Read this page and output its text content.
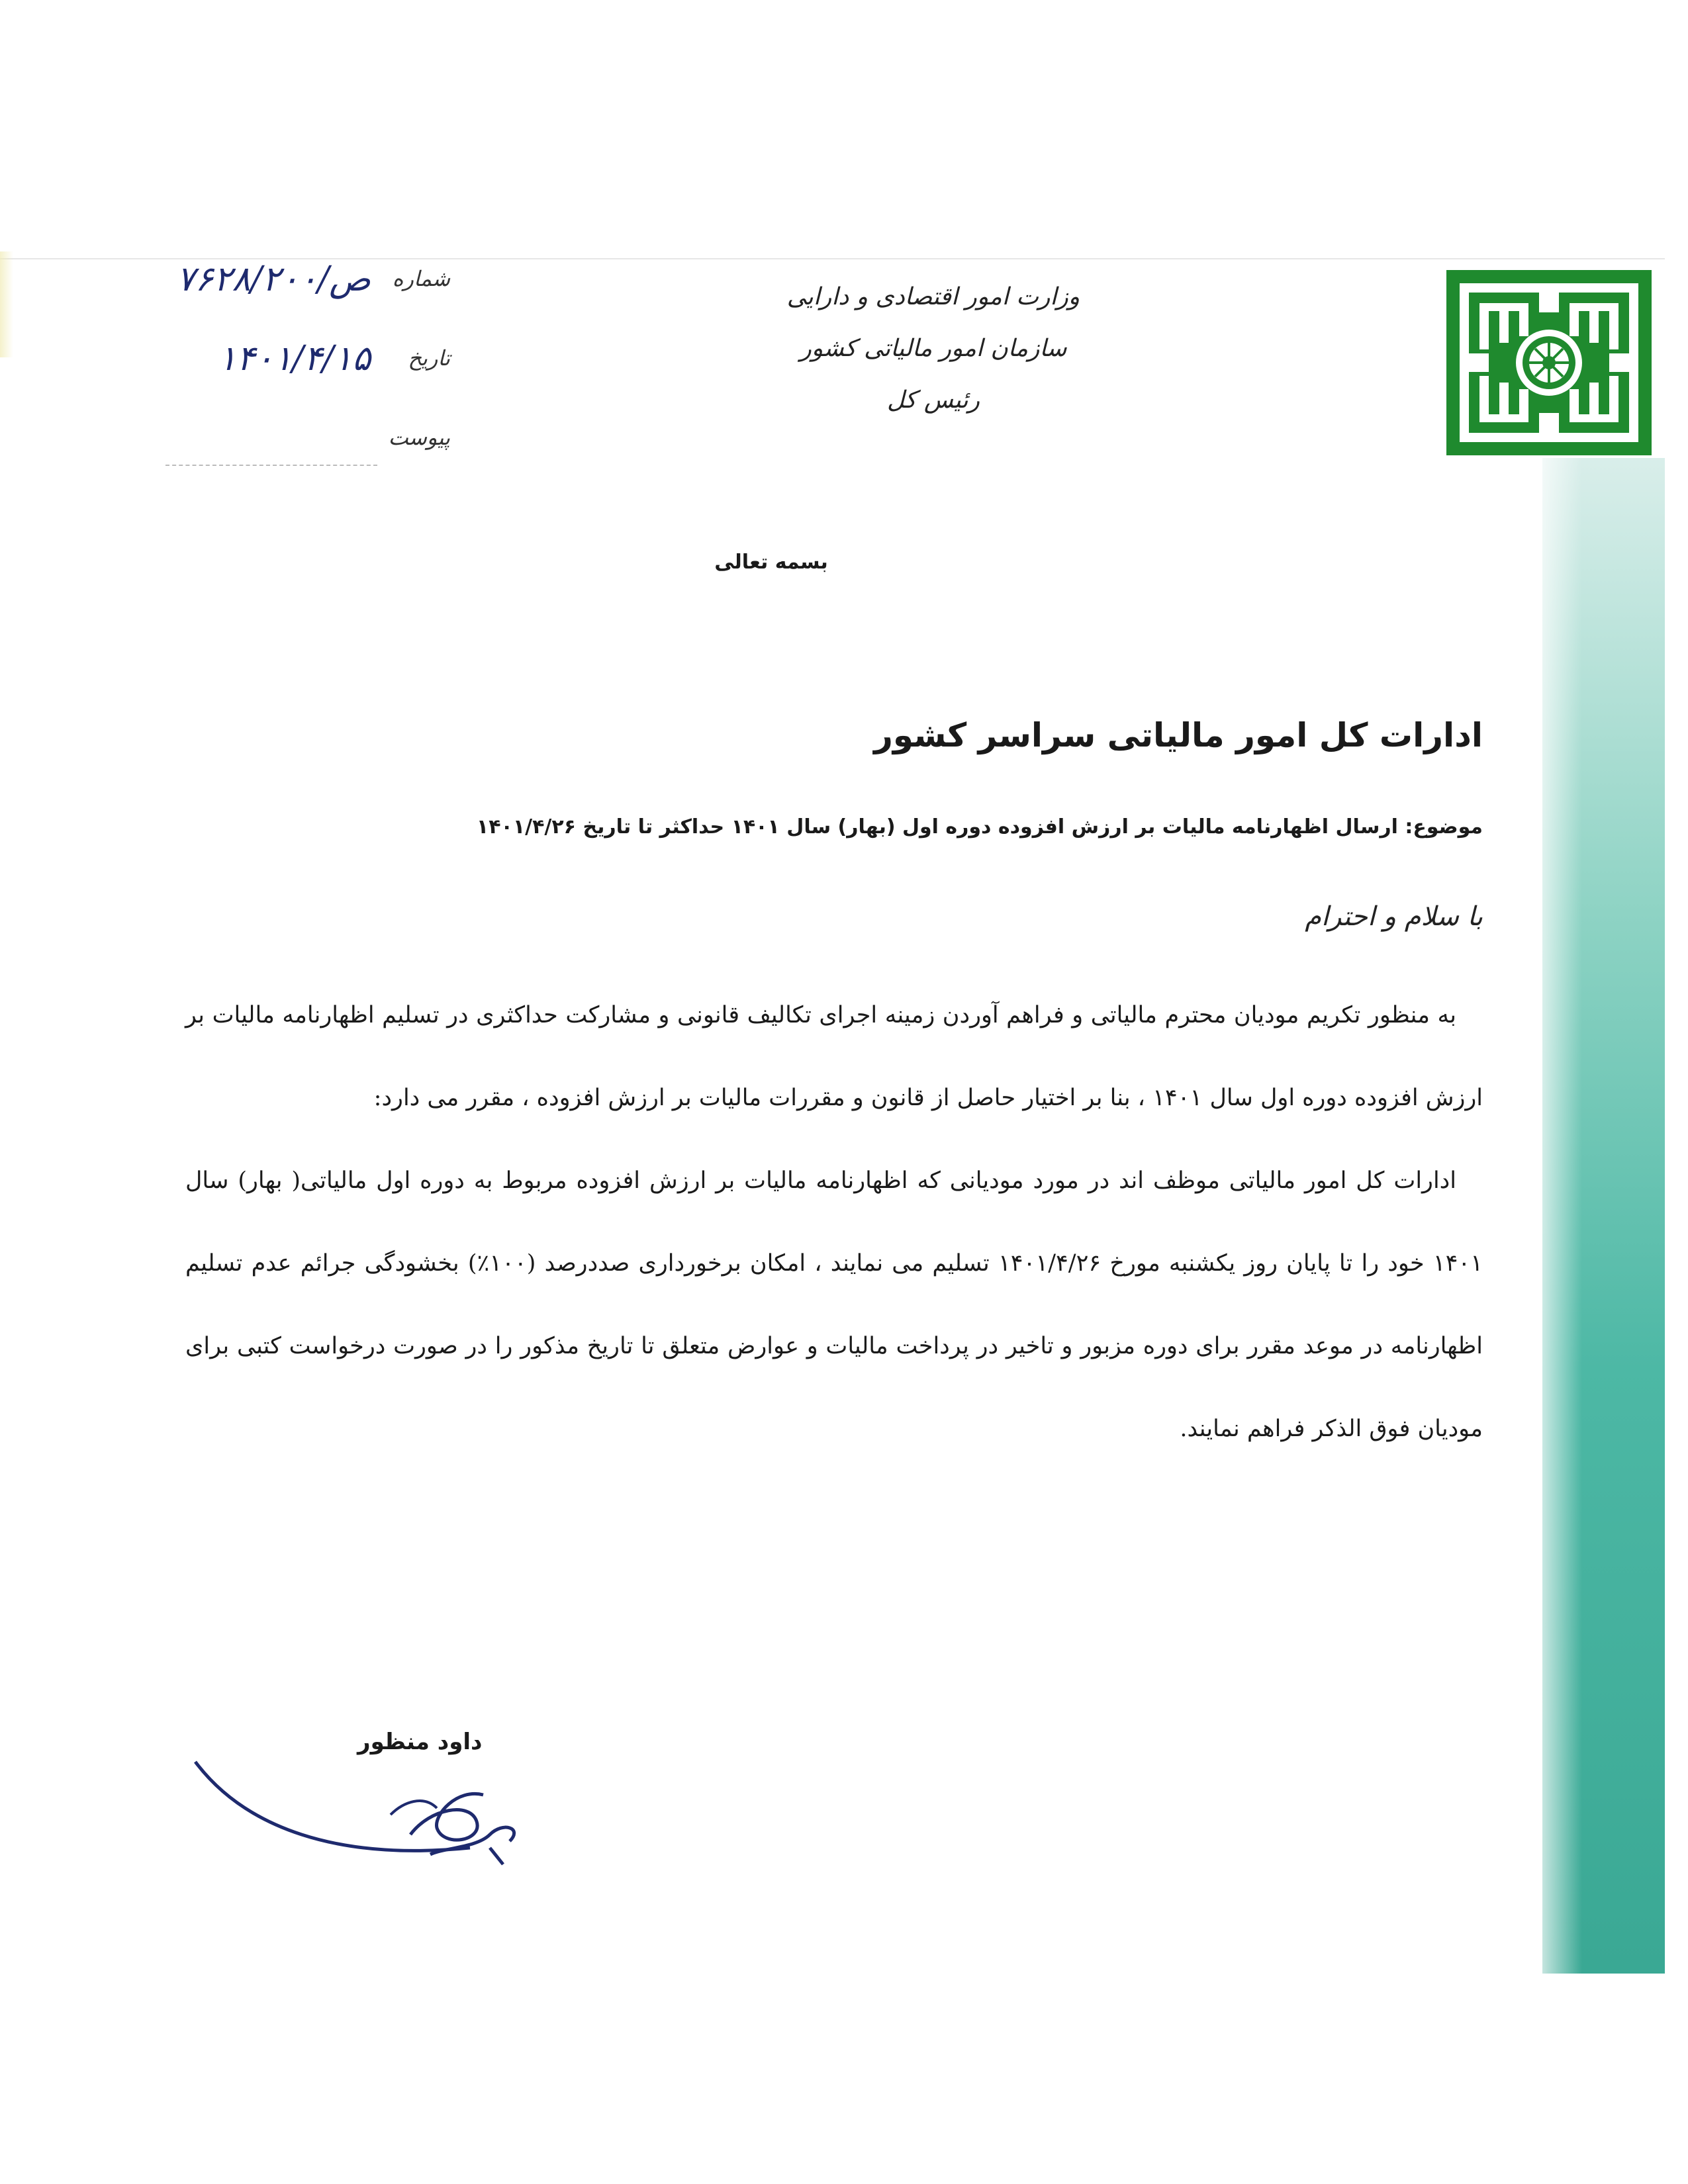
وزارت امور اقتصادی و دارایی
سازمان امور مالیاتی کشور
رئیس کل
شماره
۷۶۲۸/۲۰۰/ص
تاریخ
۱۴۰۱/۴/۱۵
پیوست
بسمه تعالی
ادارات کل امور مالیاتی سراسر کشور
موضوع: ارسال اظهارنامه مالیات بر ارزش افزوده دوره اول (بهار) سال ۱۴۰۱ حداکثر تا تاریخ ۱۴۰۱/۴/۲۶
با سلام و احترام

به منظور تکریم مودیان محترم مالیاتی و فراهم آوردن زمینه اجرای تکالیف قانونی و مشارکت حداکثری در تسلیم اظهارنامه مالیات بر ارزش افزوده دوره اول سال ۱۴۰۱ ، بنا بر اختیار حاصل از قانون و مقررات مالیات بر ارزش افزوده ، مقرر می دارد:

ادارات کل امور مالیاتی موظف اند در مورد مودیانی که اظهارنامه مالیات بر ارزش افزوده مربوط به دوره اول مالیاتی( بهار) سال ۱۴۰۱ خود را تا پایان روز یکشنبه مورخ ۱۴۰۱/۴/۲۶ تسلیم می نمایند ، امکان برخورداری صددرصد (۱۰۰٪) بخشودگی جرائم عدم تسلیم اظهارنامه در موعد مقرر برای دوره مزبور و تاخیر در پرداخت مالیات و عوارض متعلق تا تاریخ مذکور را در صورت درخواست کتبی برای مودیان فوق الذکر فراهم نمایند.

داود منظور
